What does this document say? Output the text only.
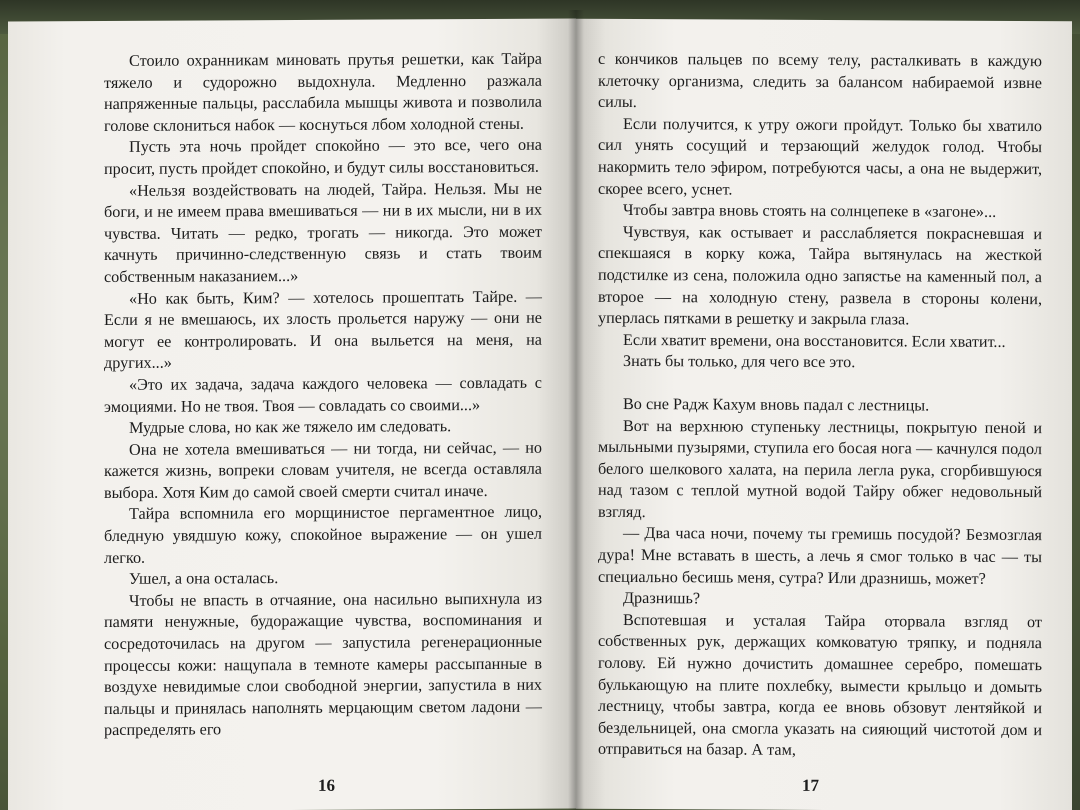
Стоило охранникам миновать прутья решетки, как Тайра тяжело и судорожно выдохнула. Медленно разжала напряженные пальцы, расслабила мышцы живота и позволила голове склониться набок — коснуться лбом холодной стены.

Пусть эта ночь пройдет спокойно — это все, чего она просит, пусть пройдет спокойно, и будут силы восстановиться.

«Нельзя воздействовать на людей, Тайра. Нельзя. Мы не боги, и не имеем права вмешиваться — ни в их мысли, ни в их чувства. Читать — редко, трогать — никогда. Это может качнуть причинно-следственную связь и стать твоим собственным наказанием...»

«Но как быть, Ким? — хотелось прошептать Тайре. — Если я не вмешаюсь, их злость прольется наружу — они не могут ее контролировать. И она выльется на меня, на других...»

«Это их задача, задача каждого человека — совладать с эмоциями. Но не твоя. Твоя — совладать со своими...»

Мудрые слова, но как же тяжело им следовать.

Она не хотела вмешиваться — ни тогда, ни сейчас, — но кажется жизнь, вопреки словам учителя, не всегда оставляла выбора. Хотя Ким до самой своей смерти считал иначе.

Тайра вспомнила его морщинистое пергаментное лицо, бледную увядшую кожу, спокойное выражение — он ушел легко.

Ушел, а она осталась.

Чтобы не впасть в отчаяние, она насильно выпихнула из памяти ненужные, будоражащие чувства, воспоминания и сосредоточилась на другом — запустила регенерационные процессы кожи: нащупала в темноте камеры рассыпанные в воздухе невидимые слои свободной энергии, запустила в них пальцы и принялась наполнять мерцающим светом ладони — распределять его

16

с кончиков пальцев по всему телу, расталкивать в каждую клеточку организма, следить за балансом набираемой извне силы.

Если получится, к утру ожоги пройдут. Только бы хватило сил унять сосущий и терзающий желудок голод. Чтобы накормить тело эфиром, потребуются часы, а она не выдержит, скорее всего, уснет.

Чтобы завтра вновь стоять на солнцепеке в «загоне»...

Чувствуя, как остывает и расслабляется покрасневшая и спекшаяся в корку кожа, Тайра вытянулась на жесткой подстилке из сена, положила одно запястье на каменный пол, а второе — на холодную стену, развела в стороны колени, уперлась пятками в решетку и закрыла глаза.

Если хватит времени, она восстановится. Если хватит...

Знать бы только, для чего все это.

Во сне Радж Кахум вновь падал с лестницы.

Вот на верхнюю ступеньку лестницы, покрытую пеной и мыльными пузырями, ступила его босая нога — качнулся подол белого шелкового халата, на перила легла рука, сгорбившуюся над тазом с теплой мутной водой Тайру обжег недовольный взгляд.

— Два часа ночи, почему ты гремишь посудой? Безмозглая дура! Мне вставать в шесть, а лечь я смог только в час — ты специально бесишь меня, сутра? Или дразнишь, может?

Дразнишь?

Вспотевшая и усталая Тайра оторвала взгляд от собственных рук, держащих комковатую тряпку, и подняла голову. Ей нужно дочистить домашнее серебро, помешать булькающую на плите похлебку, вымести крыльцо и домыть лестницу, чтобы завтра, когда ее вновь обзовут лентяйкой и бездельницей, она смогла указать на сияющий чистотой дом и отправиться на базар. А там,

17
